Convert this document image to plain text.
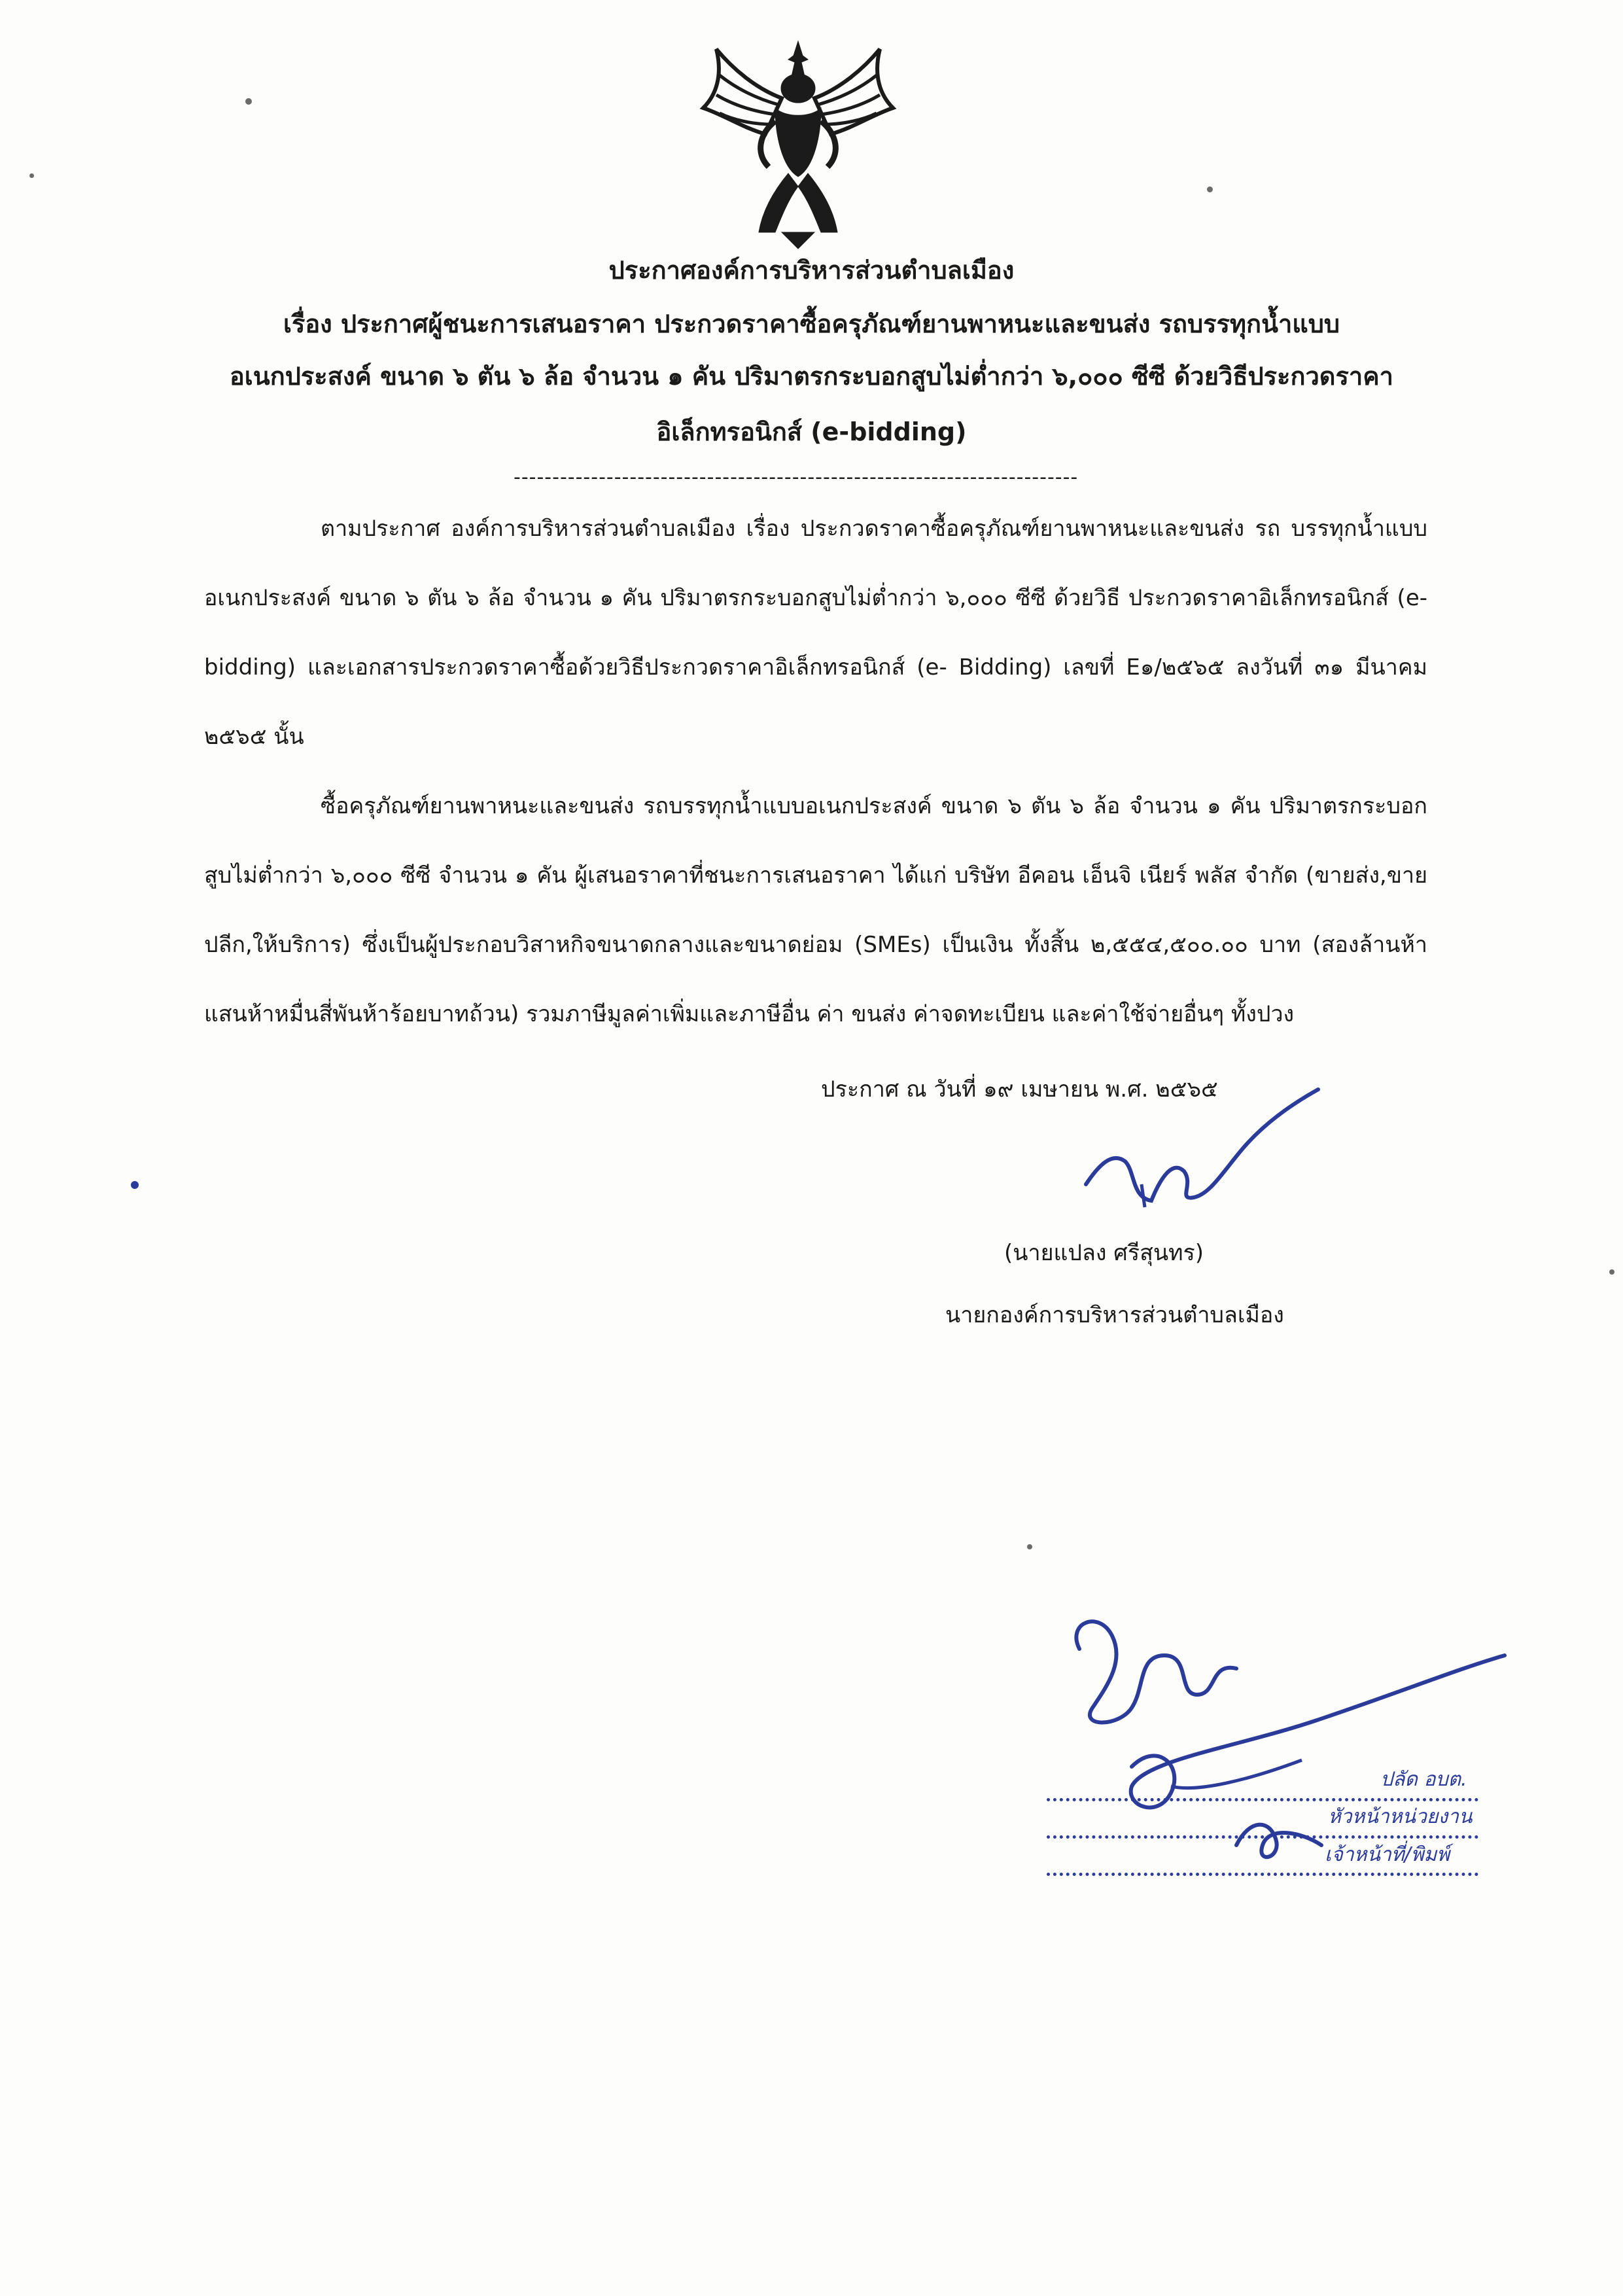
ประกาศองค์การบริหารส่วนตำบลเมือง
เรื่อง ประกาศผู้ชนะการเสนอราคา ประกวดราคาซื้อครุภัณฑ์ยานพาหนะและขนส่ง รถบรรทุกน้ำแบบ
อเนกประสงค์ ขนาด ๖ ตัน ๖ ล้อ จำนวน ๑ คัน ปริมาตรกระบอกสูบไม่ต่ำกว่า ๖,๐๐๐ ซีซี ด้วยวิธีประกวดราคา
อิเล็กทรอนิกส์ (e-bidding)
-------------------------------------------------------------------------

ตามประกาศ องค์การบริหารส่วนตำบลเมือง เรื่อง ประกวดราคาซื้อครุภัณฑ์ยานพาหนะและขนส่ง รถ บรรทุกน้ำแบบอเนกประสงค์ ขนาด ๖ ตัน ๖ ล้อ จำนวน ๑ คัน ปริมาตรกระบอกสูบไม่ต่ำกว่า ๖,๐๐๐ ซีซี ด้วยวิธี ประกวดราคาอิเล็กทรอนิกส์ (e-bidding) และเอกสารประกวดราคาซื้อด้วยวิธีประกวดราคาอิเล็กทรอนิกส์ (e- Bidding) เลขที่ E๑/๒๕๖๕ ลงวันที่ ๓๑ มีนาคม ๒๕๖๕ นั้น

ซื้อครุภัณฑ์ยานพาหนะและขนส่ง รถบรรทุกน้ำแบบอเนกประสงค์ ขนาด ๖ ตัน ๖ ล้อ จำนวน ๑ คัน ปริมาตรกระบอกสูบไม่ต่ำกว่า ๖,๐๐๐ ซีซี จำนวน ๑ คัน ผู้เสนอราคาที่ชนะการเสนอราคา ได้แก่ บริษัท อีคอน เอ็นจิ เนียร์ พลัส จำกัด (ขายส่ง,ขายปลีก,ให้บริการ) ซึ่งเป็นผู้ประกอบวิสาหกิจขนาดกลางและขนาดย่อม (SMEs) เป็นเงิน ทั้งสิ้น ๒,๕๕๔,๕๐๐.๐๐ บาท (สองล้านห้าแสนห้าหมื่นสี่พันห้าร้อยบาทถ้วน) รวมภาษีมูลค่าเพิ่มและภาษีอื่น ค่า ขนส่ง ค่าจดทะเบียน และค่าใช้จ่ายอื่นๆ ทั้งปวง

ประกาศ ณ วันที่ ๑๙ เมษายน พ.ศ. ๒๕๖๕
(นายแปลง ศรีสุนทร)
นายกองค์การบริหารส่วนตำบลเมือง
ปลัด อบต.
หัวหน้าหน่วยงาน
เจ้าหน้าที่/พิมพ์
